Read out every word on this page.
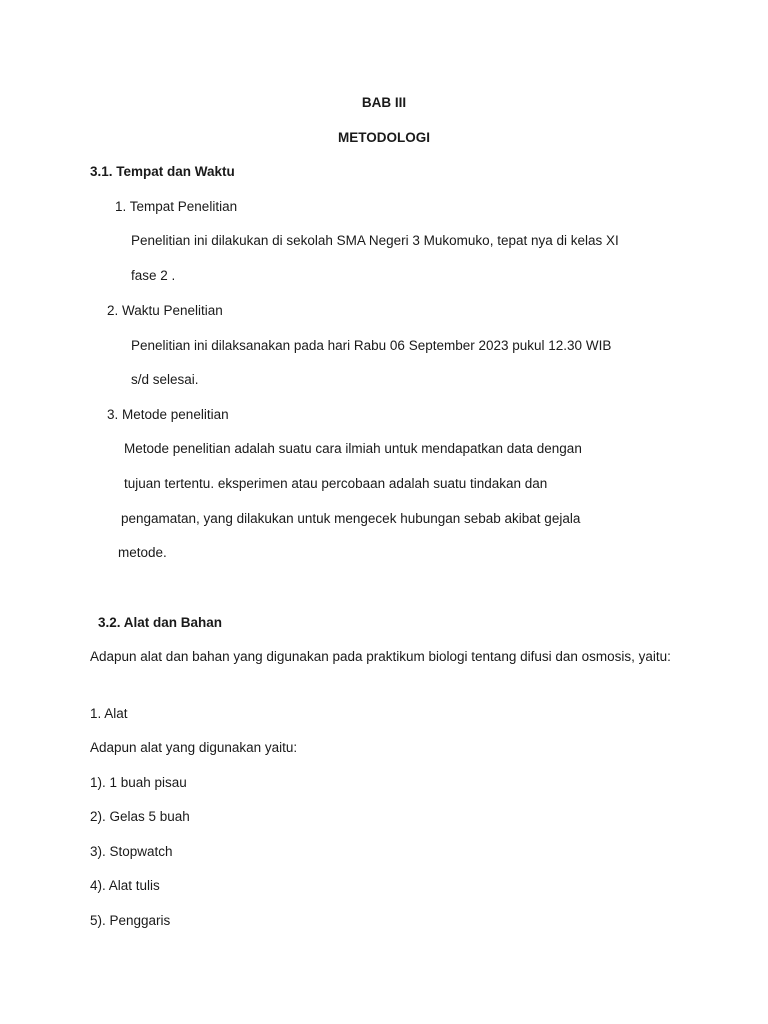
BAB III
METODOLOGI
3.1. Tempat dan Waktu
1. Tempat Penelitian
Penelitian ini dilakukan di sekolah SMA Negeri 3 Mukomuko, tepat nya di kelas XI
fase 2 .
2. Waktu Penelitian
Penelitian ini dilaksanakan pada hari Rabu 06 September 2023 pukul 12.30 WIB
s/d selesai.
3. Metode penelitian
Metode penelitian adalah suatu cara ilmiah untuk mendapatkan data dengan
tujuan tertentu. eksperimen atau percobaan adalah suatu tindakan dan
pengamatan, yang dilakukan untuk mengecek hubungan sebab akibat gejala
metode.
3.2. Alat dan Bahan
Adapun alat dan bahan yang digunakan pada praktikum biologi tentang difusi dan osmosis, yaitu:
1. Alat
Adapun alat yang digunakan yaitu:
1). 1 buah pisau
2). Gelas 5 buah
3). Stopwatch
4). Alat tulis
5). Penggaris
